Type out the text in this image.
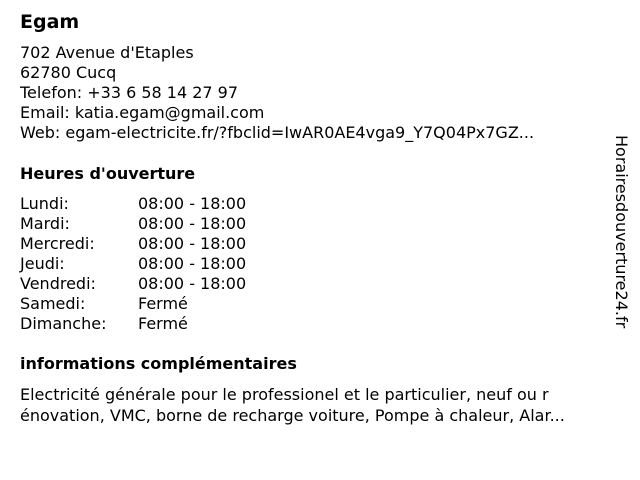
Egam
702 Avenue d'Etaples
62780 Cucq
Telefon: +33 6 58 14 27 97
Email: katia.egam@gmail.com
Web: egam-electricite.fr/?fbclid=IwAR0AE4vga9_Y7Q04Px7GZ...
Heures d'ouverture
Lundi:	08:00 - 18:00
Mardi:	08:00 - 18:00
Mercredi:	08:00 - 18:00
Jeudi:	08:00 - 18:00
Vendredi:	08:00 - 18:00
Samedi:	Fermé
Dimanche: Fermé
informations complémentaires
Electricité générale pour le professionel et le particulier, neuf ou r
énovation, VMC, borne de recharge voiture, Pompe à chaleur, Alar...
Horairesdouverture24.fr
